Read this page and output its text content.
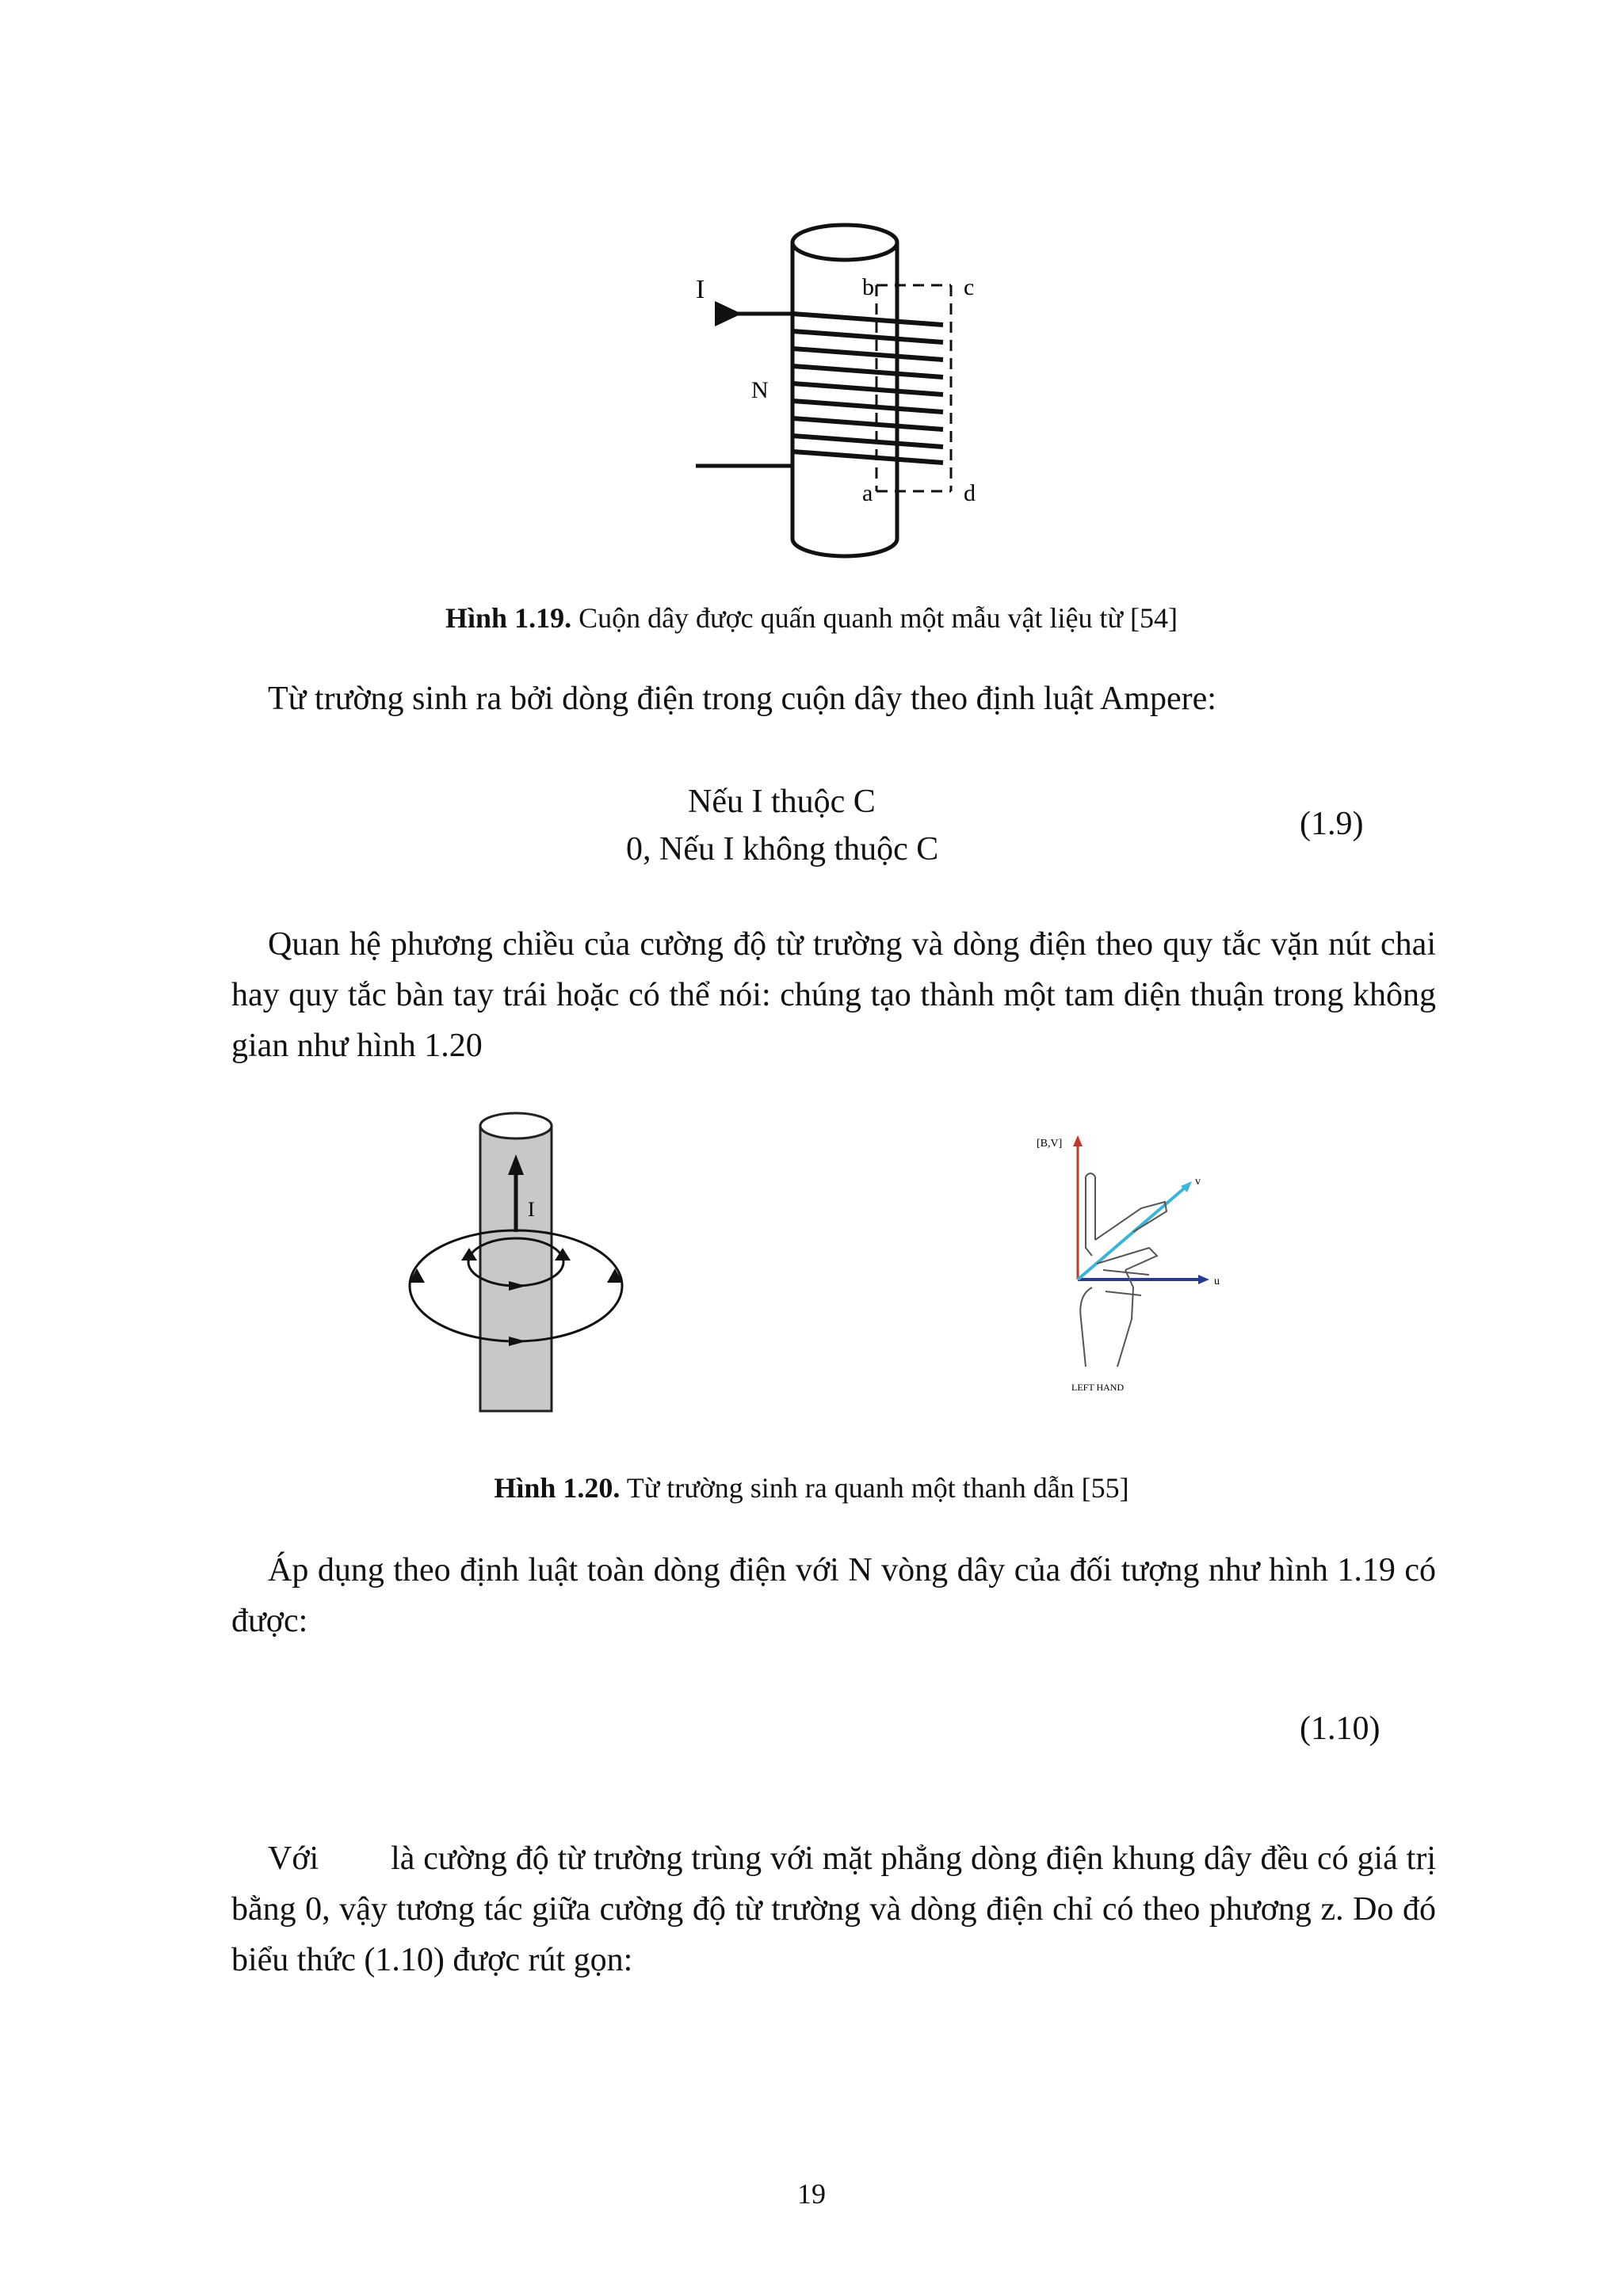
I
N
b	c
a	d
Hình 1.19. Cuộn dây được quấn quanh một mẫu vật liệu từ [54]
Từ trường sinh ra bởi dòng điện trong cuộn dây theo định luật Ampere:
Nếu I thuộc C
0, Nếu I không thuộc C
(1.9)
Quan hệ phương chiều của cường độ từ trường và dòng điện theo quy tắc vặn nút chai hay quy tắc bàn tay trái hoặc có thể nói: chúng tạo thành một tam diện thuận trong không gian như hình 1.20
I
[B,V]
u
v
LEFT HAND
Hình 1.20. Từ trường sinh ra quanh một thanh dẫn [55]
Áp dụng theo định luật toàn dòng điện với N vòng dây của đối tượng như hình 1.19 có được:
(1.10)
Với là cường độ từ trường trùng với mặt phẳng dòng điện khung dây đều có giá trị bằng 0, vậy tương tác giữa cường độ từ trường và dòng điện chỉ có theo phương z. Do đó biểu thức (1.10) được rút gọn:
19
